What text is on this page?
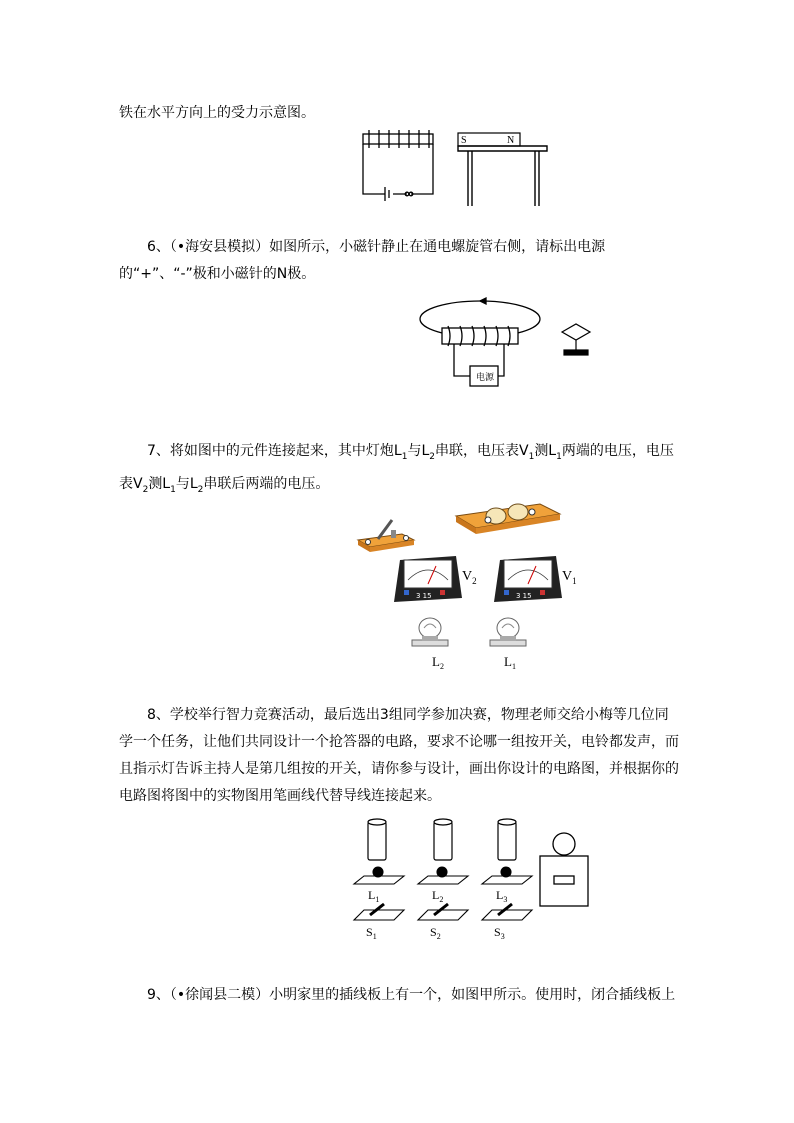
铁在水平方向上的受力示意图。

S	N

6、（•海安县模拟）如图所示，小磁针静止在通电螺旋管右侧，请标出电源的“+”、“-”极和小磁针的N极。

电源

7、将如图中的元件连接起来，其中灯炮$L_1$与$L_2$串联，电压表$V_1$测$L_1$两端的电压，电压表$V_2$测$L_1$与$L_2$串联后两端的电压。

3 15
$V_2$
3 15
$V_1$
$L_2$	$L_1$

8、学校举行智力竞赛活动，最后选出3组同学参加决赛，物理老师交给小梅等几位同学一个任务，让他们共同设计一个抢答器的电路，要求不论哪一组按开关，电铃都发声，而且指示灯告诉主持人是第几组按的开关，请你参与设计，画出你设计的电路图，并根据你的电路图将图中的实物图用笔画线代替导线连接起来。

$L_1$	$L_2$	$L_3$
$S_1$	$S_2$	$S_3$

9、（•徐闻县二模）小明家里的插线板上有一个，如图甲所示。使用时，闭合插线板上
